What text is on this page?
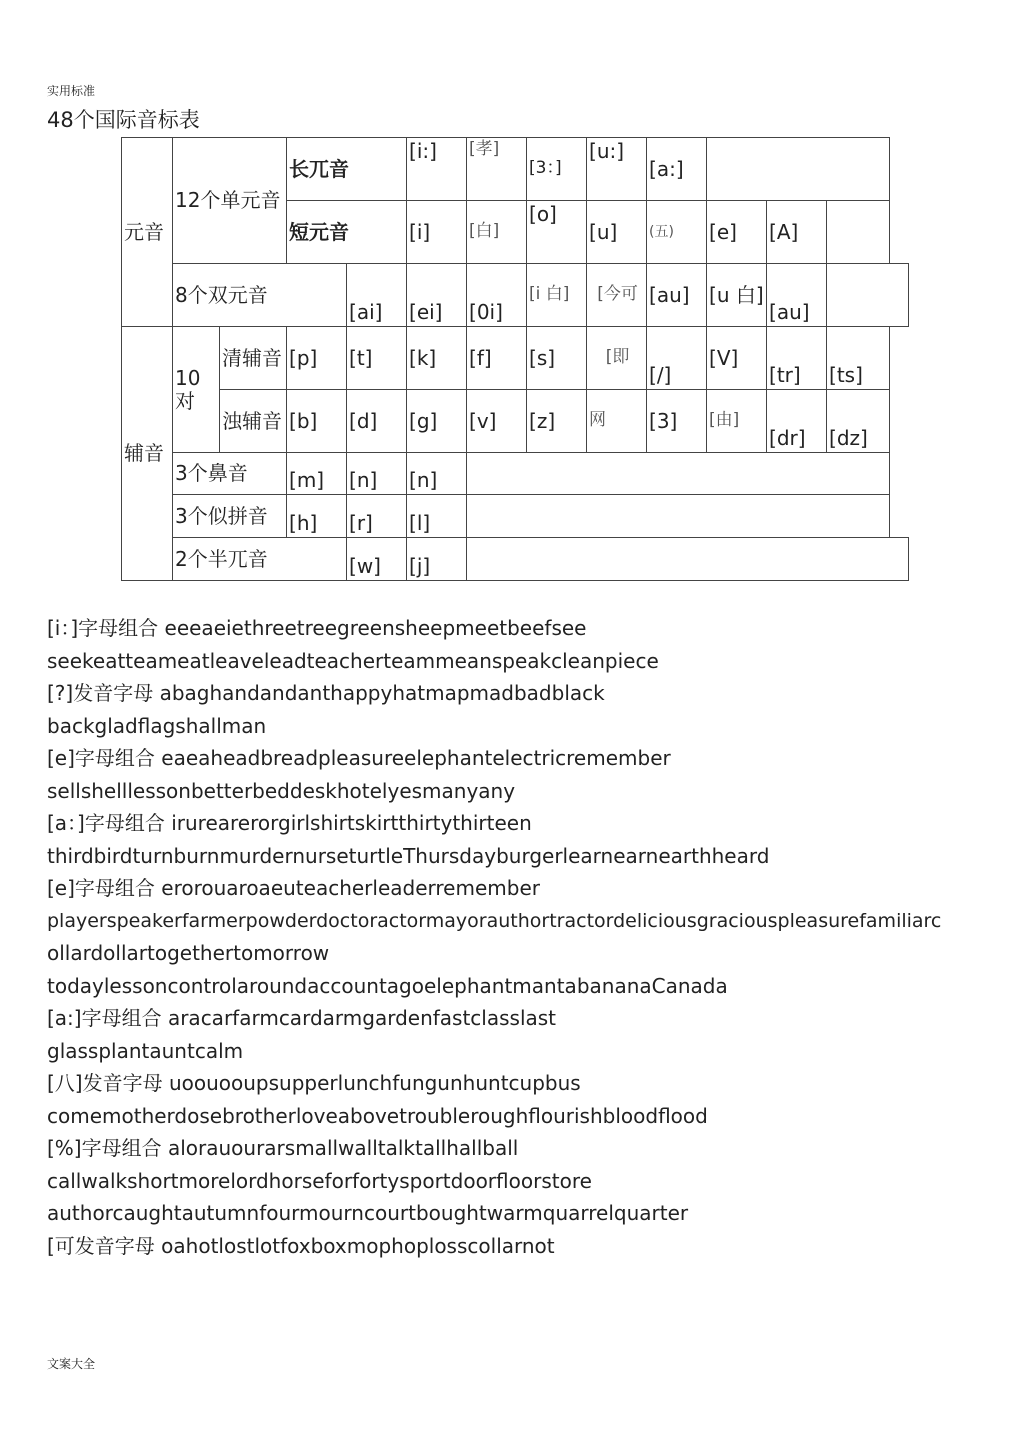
实用标准
48个国际音标表
元音	12个单元音		长兀音		[i:]	[孝]	[3：]	[u:]	[a:]			
			短元音		[i]	[白]	[o]	[u]	(五)	[e]	[A]	
	8个双元音			[ai]	[ei]	[0i]	[i 白]	[今可	[au]	[u 白]	[au]	
辅音	10对	清辅音	[p]	[t]	[k]	[f]	[s]	[即	[/]	[V]	[tr]	[ts]
		浊辅音	[b]	[d]	[g]	[v]	[z]	网	[3]	[由]	[dr]	[dz]
	3个鼻音		[m]	[n]	[n]							
	3个似拼音		[h]	[r]	[l]							
	2个半兀音			[w]	[j]							
[i：]字母组合 eeeaeiethreetreegreensheepmeetbeefsee
seekeatteameatleaveleadteacherteammeanspeakcleanpiece
[?]发音字母 abaghandandanthappyhatmapmadbadblack
backgladflagshallman
[e]字母组合 eaeaheadbreadpleasureelephantelectricremember
sellshelllessonbetterbeddeskhotelyesmanyany
[a：]字母组合 irurearerorgirlshirtskirtthirtythirteen
thirdbirdturnburnmurdernurseturtleThursdayburgerlearnearnearthheard
[e]字母组合 erorouaroaeuteacherleaderremember
playerspeakerfarmerpowderdoctoractormayorauthortractordeliciousgraciouspleasurefamiliarc
ollardollartogethertomorrow
todaylessoncontrolaroundaccountagoelephantmantabananaCanada
[a:]字母组合 aracarfarmcardarmgardenfastclasslast
glassplantauntcalm
[八]发音字母 uoouooupsupperlunchfungunhuntcupbus
comemotherdosebrotherloveabovetroubleroughflourishbloodflood
[%]字母组合 alorauourarsmallwalltalktallhallball
callwalkshortmorelordhorseforfortysportdoorfloorstore
authorcaughtautumnfourmourncourtboughtwarmquarrelquarter
[可发音字母 oahotlostlotfoxboxmophoplosscollarnot
文案大全
